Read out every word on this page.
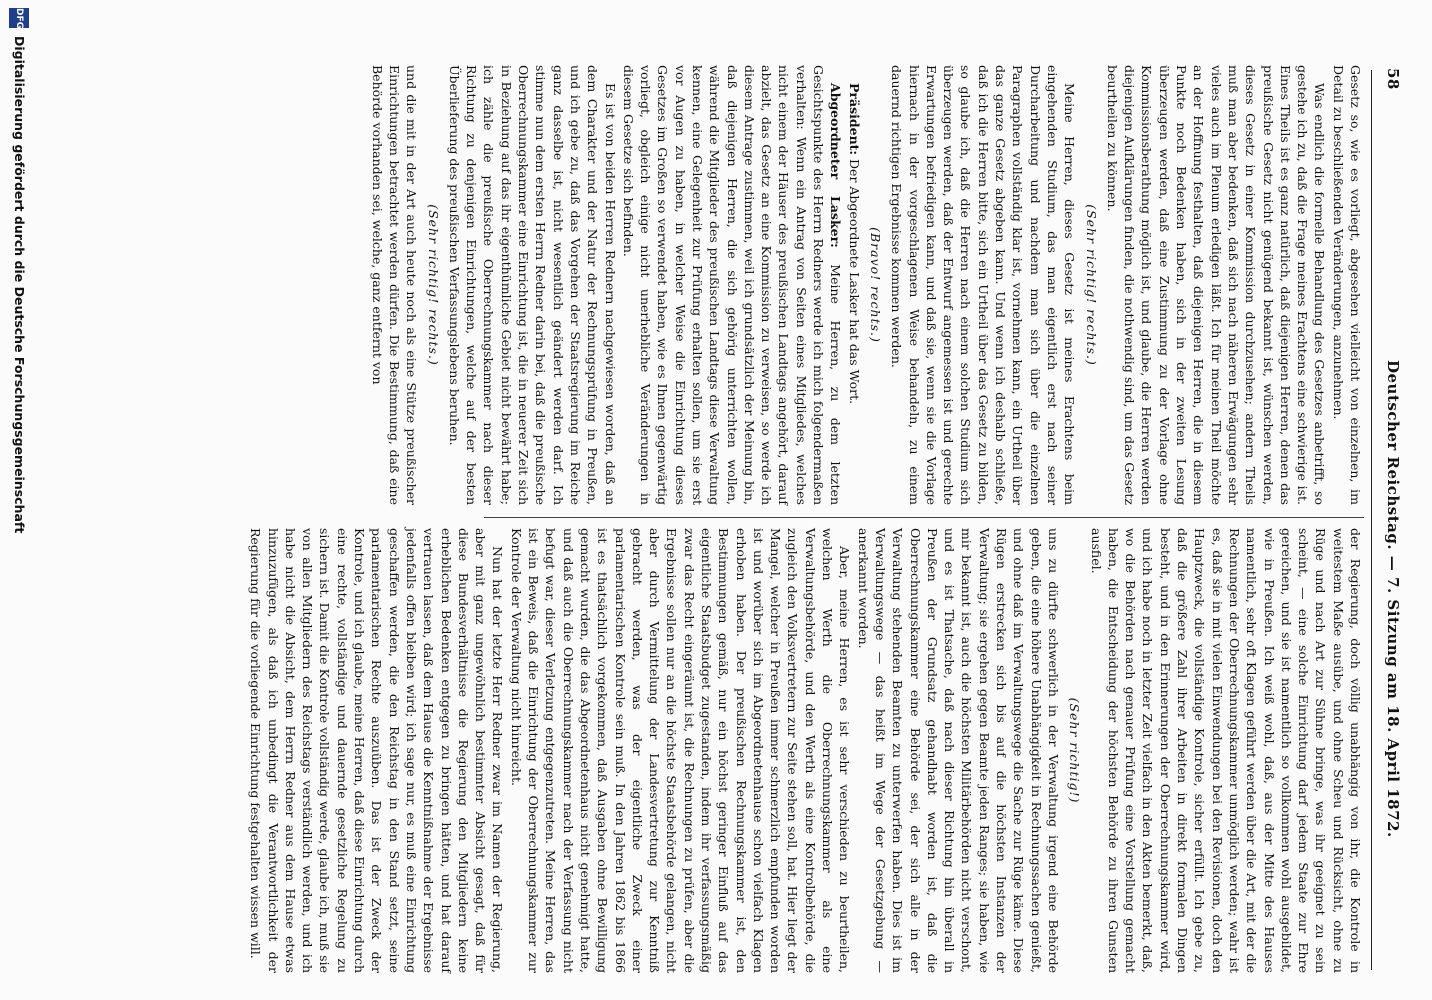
58
Deutscher Reichstag. — 7. Sitzung am 18. April 1872.

Gesetz so, wie es vorliegt, abgesehen vielleicht von einzelnen, im Detail zu beschließenden Veränderungen, anzunehmen.

Was endlich die formelle Behandlung des Gesetzes anbetrifft, so gestehe ich zu, daß die Frage meines Erachtens eine schwierige ist. Eines Theils ist es ganz natürlich, daß diejenigen Herren, denen das preußische Gesetz nicht genügend bekannt ist, wünschen werden, dieses Gesetz in einer Kommission durchzusehen; andern Theils muß man aber bedenken, daß sich nach näheren Erwägungen sehr vieles auch im Plenum erledigen läßt. Ich für meinen Theil möchte an der Hoffnung festhalten, daß diejenigen Herren, die in diesem Punkte noch Bedenken haben, sich in der zweiten Lesung überzeugen werden, daß eine Zustimmung zu der Vorlage ohne Kommissionsberathung möglich ist, und glaube, die Herren werden diejenigen Aufklärungen finden, die nothwendig sind, um das Gesetz beurtheilen zu können.

(Sehr richtig! rechts.)

Meine Herren, dieses Gesetz ist meines Erachtens beim eingehenden Studium, das man eigentlich erst nach seiner Durcharbeitung und nachdem man sich über die einzelnen Paragraphen vollständig klar ist, vornehmen kann, ein Urtheil über das ganze Gesetz abgeben kann. Und wenn ich deshalb schließe, daß ich die Herren bitte, sich ein Urtheil über das Gesetz zu bilden, so glaube ich, daß die Herren nach einem solchen Studium sich überzeugen werden, daß der Entwurf angemessen ist und gerechte Erwartungen befriedigen kann, und daß sie, wenn sie die Vorlage hiernach in der vorgeschlagenen Weise behandeln, zu einem dauernd richtigen Ergebnisse kommen werden.

(Bravo! rechts.)

Präsident: Der Abgeordnete Lasker hat das Wort.

Abgeordneter Lasker: Meine Herren, zu dem letzten Gesichtspunkte des Herrn Redners werde ich mich folgendermaßen verhalten: Wenn ein Antrag von Seiten eines Mitgliedes, welches nicht einem der Häuser des preußischen Landtags angehört, darauf abzielt, das Gesetz an eine Kommission zu verweisen, so werde ich diesem Antrage zustimmen, weil ich grundsätzlich der Meinung bin, daß diejenigen Herren, die sich gehörig unterrichten wollen, während die Mitglieder des preußischen Landtags diese Verwaltung kennen, eine Gelegenheit zur Prüfung erhalten sollen, um sie erst vor Augen zu haben, in welcher Weise die Einrichtung dieses Gesetzes im Großen so verwendet haben, wie es Ihnen gegenwärtig vorliegt, obgleich einige nicht unerhebliche Veränderungen in diesem Gesetze sich befinden.

Es ist von beiden Herren Rednern nachgewiesen worden, daß an dem Charakter und der Natur der Rechnungsprüfung in Preußen, und ich gebe zu, daß das Vorgehen der Staatsregierung im Reiche ganz dasselbe ist, nicht wesentlich geändert werden darf. Ich stimme nun dem ersten Herrn Redner darin bei, daß die preußische Oberrechnungskammer eine Einrichtung ist, die in neuerer Zeit sich in Beziehung auf das ihr eigenthümliche Gebiet nicht bewährt habe; ich zähle die preußische Oberrechnungskammer nach dieser Richtung zu denjenigen Einrichtungen, welche auf der besten Überlieferung des preußischen Verfassungslebens beruhen.

(Sehr richtig! rechts.)

und die mit in der Art auch heute noch als eine Stütze preußischer Einrichtungen betrachtet werden dürfen. Die Bestimmung, daß eine Behörde vorhanden sei, welche, ganz entfernt von

der Regierung, doch völlig unabhängig von ihr, die Kontrole in weitestem Maße ausübe, und ohne Scheu und Rücksicht, ohne zu Rüge und nach Art zur Sühne bringe, was ihr geeignet zu sein scheint, — eine solche Einrichtung darf jedem Staate zur Ehre gereichen, und sie ist namentlich so vollkommen wohl ausgebildet, wie in Preußen. Ich weiß wohl, daß, aus der Mitte des Hauses namentlich, sehr oft Klagen geführt werden über die Art, mit der die Rechnungen der Oberrechnungskammer unmöglich werden; wahr ist es, daß sie in mit vielen Einwendungen bei den Revisionen, doch den Hauptzweck, die vollständige Kontrole, sicher erfüllt. Ich gebe zu, daß die größere Zahl ihrer Arbeiten in direkt formalen Dingen besteht, und in den Erinnerungen der Oberrechnungskammer wird, und ich habe noch in letzter Zeit vielfach in den Akten bemerkt, daß, wo die Behörden nach genauer Prüfung eine Vorstellung gemacht haben, die Entscheidung der höchsten Behörde zu ihren Gunsten ausfiel.

(Sehr richtig!)

uns zu dürfte schwerlich in der Verwaltung irgend eine Behörde geben, die eine höhere Unabhängigkeit in Rechnungssachen genießt, und ohne daß im Verwaltungswege die Sache zur Rüge käme. Diese Rügen erstrecken sich bis auf die höchsten Instanzen der Verwaltung; sie ergehen gegen Beamte jeden Ranges; sie haben, wie mir bekannt ist, auch die höchsten Militärbehörden nicht verschont, und es ist Thatsache, daß nach dieser Richtung hin überall in Preußen der Grundsatz gehandhabt worden ist, daß die Oberrechnungskammer eine Behörde sei, der sich alle in der Verwaltung stehenden Beamten zu unterwerfen haben. Dies ist im Verwaltungswege — das heißt im Wege der Gesetzgebung — anerkannt worden.

Aber, meine Herren, es ist sehr verschieden zu beurtheilen, welchen Werth die Oberrechnungskammer als eine Verwaltungsbehörde, und den Werth als eine Kontrolbehörde, die zugleich den Volksvertretern zur Seite stehen soll, hat. Hier liegt der Mangel, welcher in Preußen immer schmerzlich empfunden worden ist und worüber sich im Abgeordnetenhause schon vielfach Klagen erhoben haben. Der preußischen Rechnungskammer ist, den Bestimmungen gemäß, nur ein höchst geringer Einfluß auf das eigentliche Staatsbudget zugestanden, indem ihr verfassungsmäßig zwar das Recht eingeräumt ist, die Rechnungen zu prüfen, aber die Ergebnisse sollen nur an die höchste Staatsbehörde gelangen, nicht aber durch Vermittelung der Landesvertretung zur Kenntniß gebracht werden, was der eigentliche Zweck einer parlamentarischen Kontrole sein muß. In den Jahren 1862 bis 1866 ist es thatsächlich vorgekommen, daß Ausgaben ohne Bewilligung gemacht wurden, die das Abgeordnetenhaus nicht genehmigt hatte, und daß auch die Oberrechnungskammer nach der Verfassung nicht befugt war, dieser Verletzung entgegenzutreten. Meine Herren, das ist ein Beweis, daß die Einrichtung der Oberrechnungskammer zur Kontrole der Verwaltung nicht hinreicht.

Nun hat der letzte Herr Redner zwar im Namen der Regierung, aber mit ganz ungewöhnlich bestimmter Absicht gesagt, daß für diese Bundesverhältnisse die Regierung den Mitgliedern keine erheblichen Bedenken entgegen zu bringen hätten, und hat darauf vertrauen lassen, daß dem Hause die Kenntnißnahme der Ergebnisse jedenfalls offen bleiben wird; ich sage nur, es muß eine Einrichtung geschaffen werden, die den Reichstag in den Stand setzt, seine parlamentarischen Rechte auszuüben. Das ist der Zweck der Kontrole, und ich glaube, meine Herren, daß diese Einrichtung durch eine rechte, vollständige und dauernde gesetzliche Regelung zu sichern ist. Damit die Kontrole vollständig werde, glaube ich, muß sie von allen Mitgliedern des Reichstags verständlich werden, und ich habe nicht die Absicht, dem Herrn Redner aus dem Hause etwas hinzuzufügen, als daß ich unbedingt die Verantwortlichkeit der Regierung für die vorliegende Einrichtung festgehalten wissen will.

DFG
Digitalisierung gefördert durch die Deutsche Forschungsgemeinschaft
